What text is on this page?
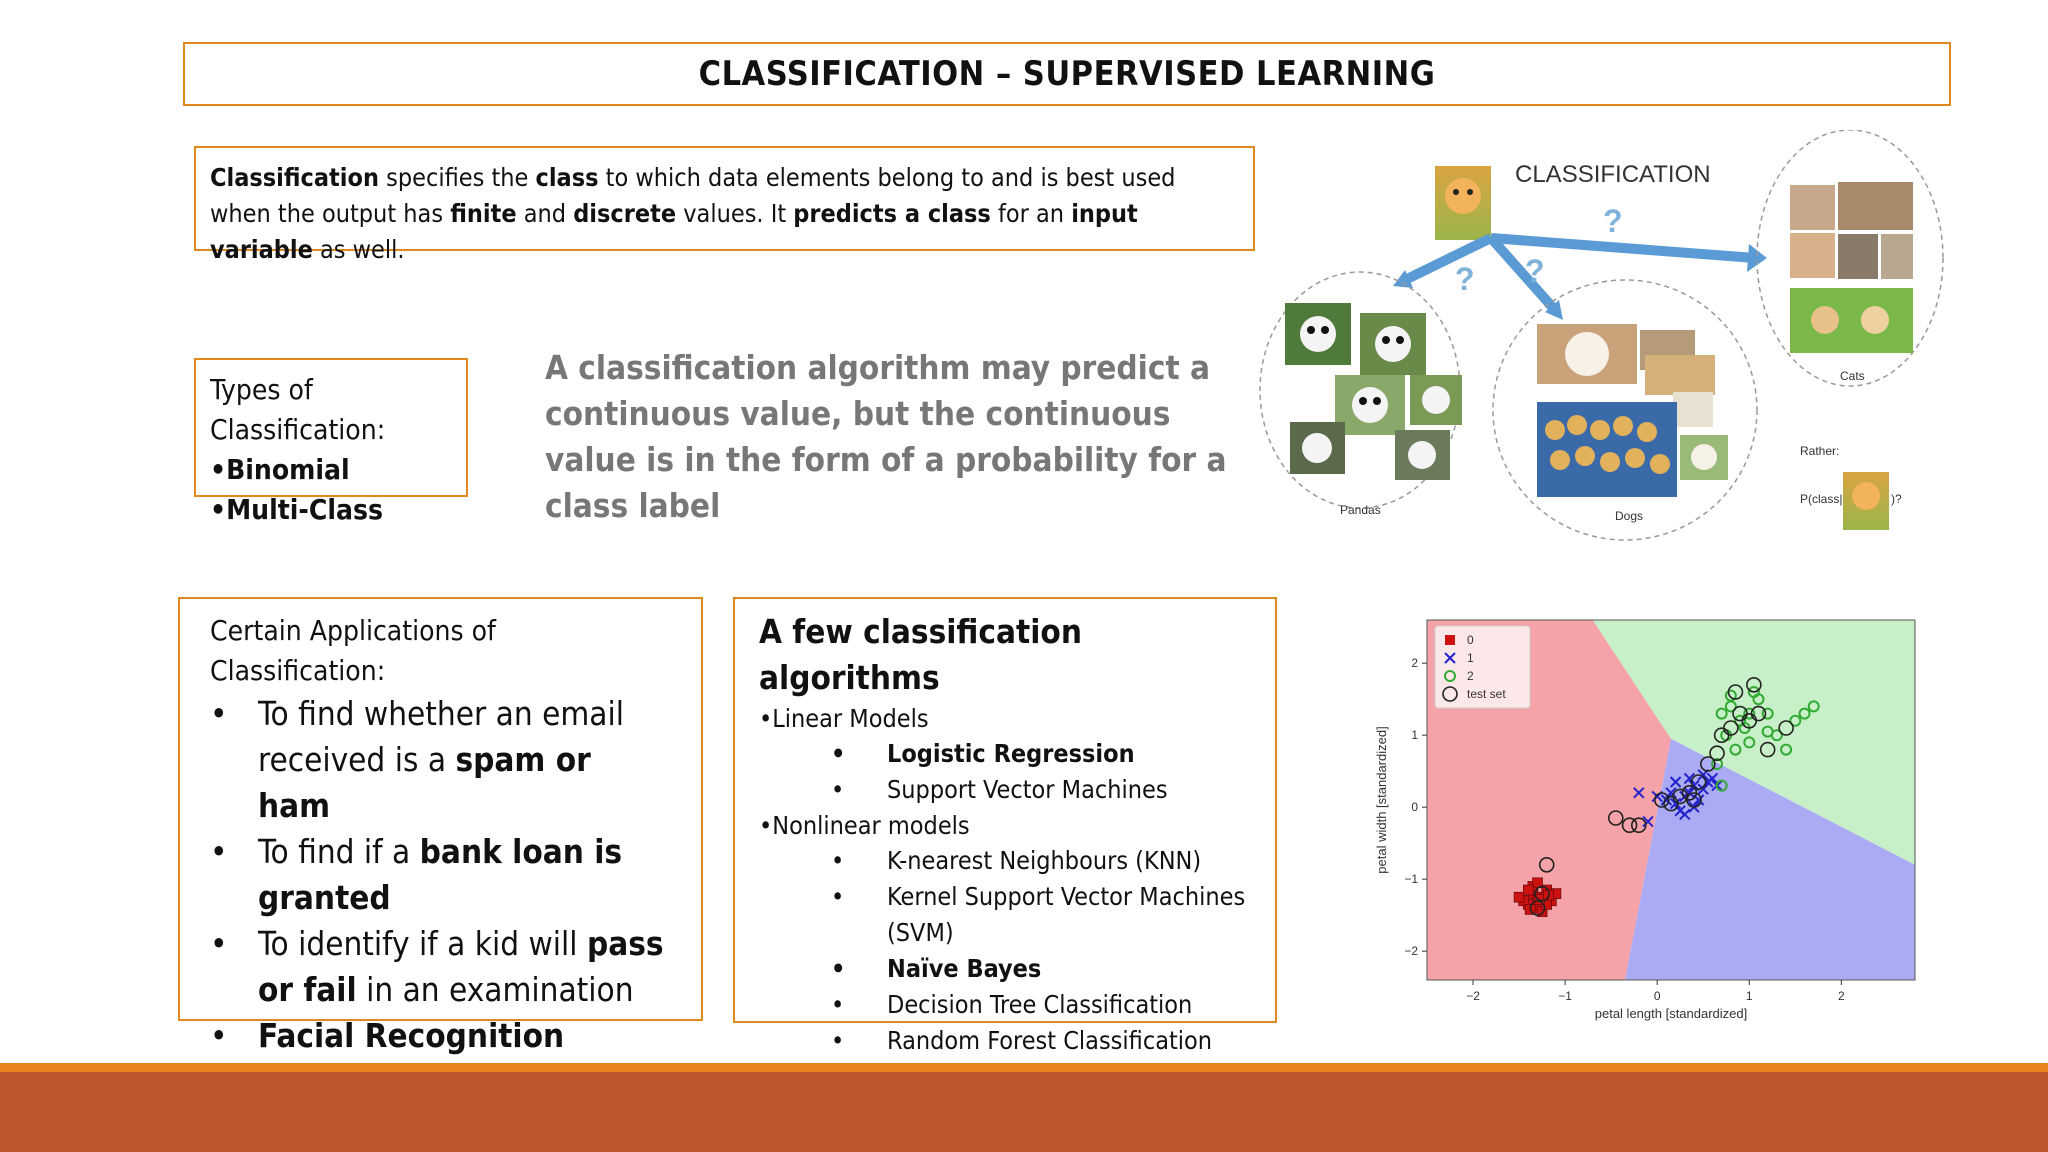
CLASSIFICATION – SUPERVISED LEARNING
Classification specifies the class to which data elements belong to and is best used when the output has finite and discrete values. It predicts a class for an input variable as well.
Types of Classification:
•Binomial
•Multi-Class
A classification algorithm may predict a continuous value, but the continuous value is in the form of a probability for a class label
CLASSIFICATION
?
?
?
Pandas	Dogs
Cats
Rather:
P(class|	)?
Certain Applications of Classification:
• To find whether an email received is a spam or ham
• To find if a bank loan is granted
• To identify if a kid will pass or fail in an examination
• Facial Recognition
A few classification algorithms
•Linear Models
• Logistic Regression
• Support Vector Machines
•Nonlinear models
• K-nearest Neighbours (KNN)
• Kernel Support Vector Machines (SVM)
• Naïve Bayes
• Decision Tree Classification
• Random Forest Classification
−2	−1	0	1	2
−2
−1
0
1
2
petal length [standardized]
petal width [standardized]
0
1
2
test set
